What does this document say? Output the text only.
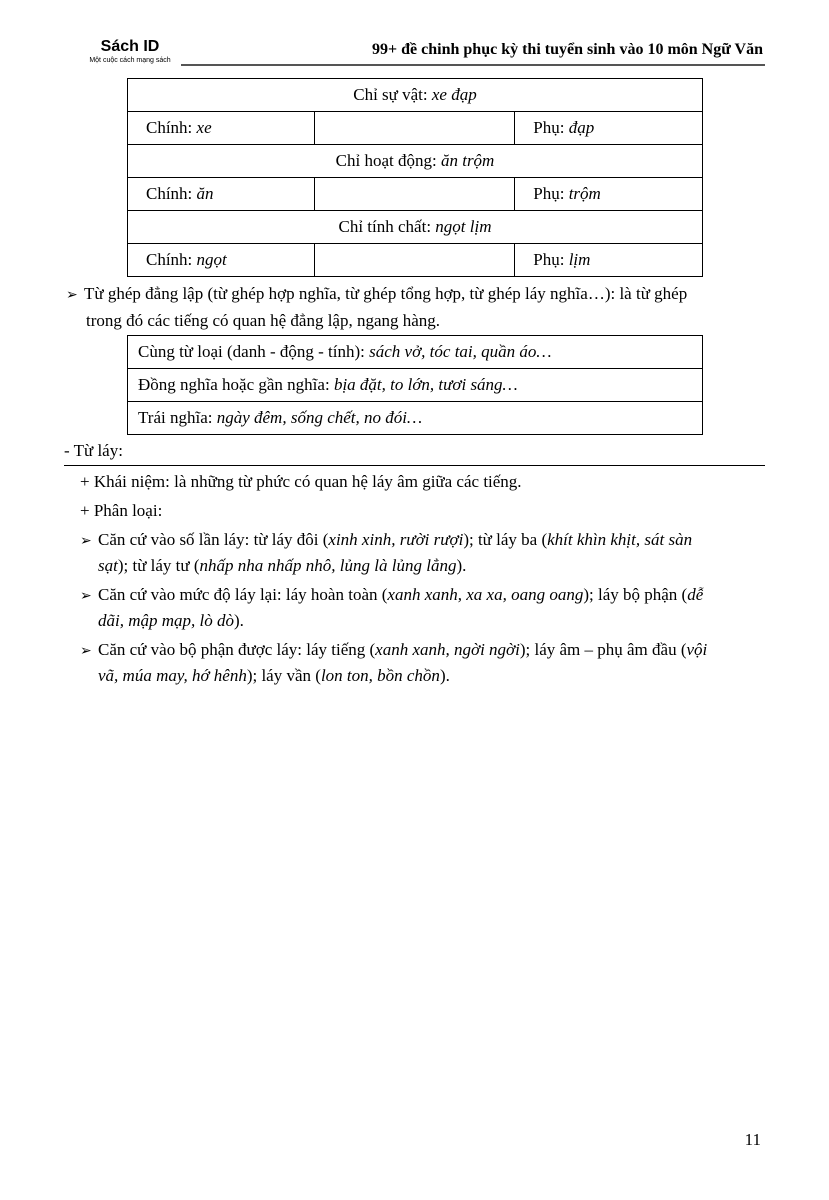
Sách ID
Một cuộc cách mạng sách
99+ đề chinh phục kỳ thi tuyển sinh vào 10 môn Ngữ Văn
Chỉ sự vật: xe đạp		
Chính: xe		Phụ: đạp
Chỉ hoạt động: ăn trộm		
Chính: ăn		Phụ: trộm
Chỉ tính chất: ngọt lịm		
Chính: ngọt		Phụ: lịm
➢ Từ ghép đẳng lập (từ ghép hợp nghĩa, từ ghép tổng hợp, từ ghép láy nghĩa…): là từ ghép
trong đó các tiếng có quan hệ đẳng lập, ngang hàng.
Cùng từ loại (danh - động - tính): sách vở, tóc tai, quần áo…
Đồng nghĩa hoặc gần nghĩa: bịa đặt, to lớn, tươi sáng…
Trái nghĩa: ngày đêm, sống chết, no đói…
- Từ láy:
+ Khái niệm: là những từ phức có quan hệ láy âm giữa các tiếng.
+ Phân loại:
➢ Căn cứ vào số lần láy: từ láy đôi (xinh xinh, rười rượi); từ láy ba (khít khìn khịt, sát sàn
sạt); từ láy tư (nhấp nha nhấp nhô, lủng là lủng lẳng).
➢ Căn cứ vào mức độ láy lại: láy hoàn toàn (xanh xanh, xa xa, oang oang); láy bộ phận (dễ
dãi, mập mạp, lò dò).
➢ Căn cứ vào bộ phận được láy: láy tiếng (xanh xanh, ngời ngời); láy âm – phụ âm đầu (vội
vã, múa may, hớ hênh); láy vần (lon ton, bồn chồn).
11
